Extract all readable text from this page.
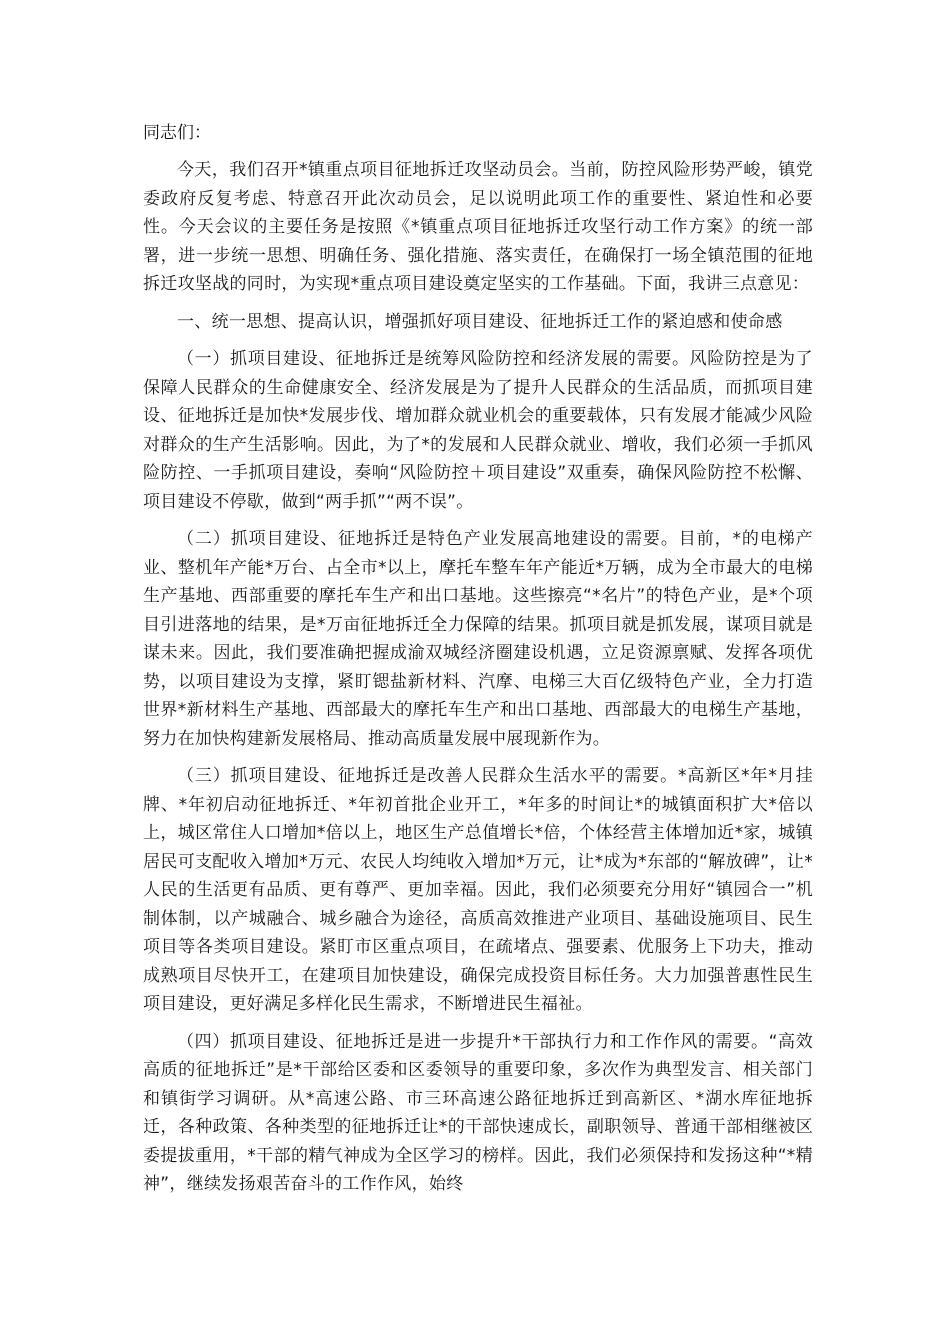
同志们：

今天，我们召开*镇重点项目征地拆迁攻坚动员会。当前，防控风险形势严峻，镇党委政府反复考虑、特意召开此次动员会，足以说明此项工作的重要性、紧迫性和必要性。今天会议的主要任务是按照《*镇重点项目征地拆迁攻坚行动工作方案》的统一部署，进一步统一思想、明确任务、强化措施、落实责任，在确保打一场全镇范围的征地拆迁攻坚战的同时，为实现*重点项目建设奠定坚实的工作基础。下面，我讲三点意见：

一、统一思想、提高认识，增强抓好项目建设、征地拆迁工作的紧迫感和使命感

（一）抓项目建设、征地拆迁是统筹风险防控和经济发展的需要。风险防控是为了保障人民群众的生命健康安全、经济发展是为了提升人民群众的生活品质，而抓项目建设、征地拆迁是加快*发展步伐、增加群众就业机会的重要载体，只有发展才能减少风险对群众的生产生活影响。因此，为了*的发展和人民群众就业、增收，我们必须一手抓风险防控、一手抓项目建设，奏响“风险防控＋项目建设”双重奏，确保风险防控不松懈、项目建设不停歇，做到“两手抓”“两不误”。

（二）抓项目建设、征地拆迁是特色产业发展高地建设的需要。目前，*的电梯产业、整机年产能*万台、占全市*以上，摩托车整车年产能近*万辆，成为全市最大的电梯生产基地、西部重要的摩托车生产和出口基地。这些擦亮“*名片”的特色产业，是*个项目引进落地的结果，是*万亩征地拆迁全力保障的结果。抓项目就是抓发展，谋项目就是谋未来。因此，我们要准确把握成渝双城经济圈建设机遇，立足资源禀赋、发挥各项优势，以项目建设为支撑，紧盯锶盐新材料、汽摩、电梯三大百亿级特色产业，全力打造世界*新材料生产基地、西部最大的摩托车生产和出口基地、西部最大的电梯生产基地，努力在加快构建新发展格局、推动高质量发展中展现新作为。

（三）抓项目建设、征地拆迁是改善人民群众生活水平的需要。*高新区*年*月挂牌、*年初启动征地拆迁、*年初首批企业开工，*年多的时间让*的城镇面积扩大*倍以上，城区常住人口增加*倍以上，地区生产总值增长*倍，个体经营主体增加近*家，城镇居民可支配收入增加*万元、农民人均纯收入增加*万元，让*成为*东部的“解放碑”，让*人民的生活更有品质、更有尊严、更加幸福。因此，我们必须要充分用好“镇园合一”机制体制，以产城融合、城乡融合为途径，高质高效推进产业项目、基础设施项目、民生项目等各类项目建设。紧盯市区重点项目，在疏堵点、强要素、优服务上下功夫，推动成熟项目尽快开工，在建项目加快建设，确保完成投资目标任务。大力加强普惠性民生项目建设，更好满足多样化民生需求，不断增进民生福祉。

（四）抓项目建设、征地拆迁是进一步提升*干部执行力和工作作风的需要。“高效高质的征地拆迁”是*干部给区委和区委领导的重要印象，多次作为典型发言、相关部门和镇街学习调研。从*高速公路、市三环高速公路征地拆迁到高新区、*湖水库征地拆迁，各种政策、各种类型的征地拆迁让*的干部快速成长，副职领导、普通干部相继被区委提拔重用，*干部的精气神成为全区学习的榜样。因此，我们必须保持和发扬这种“*精神”，继续发扬艰苦奋斗的工作作风，始终
